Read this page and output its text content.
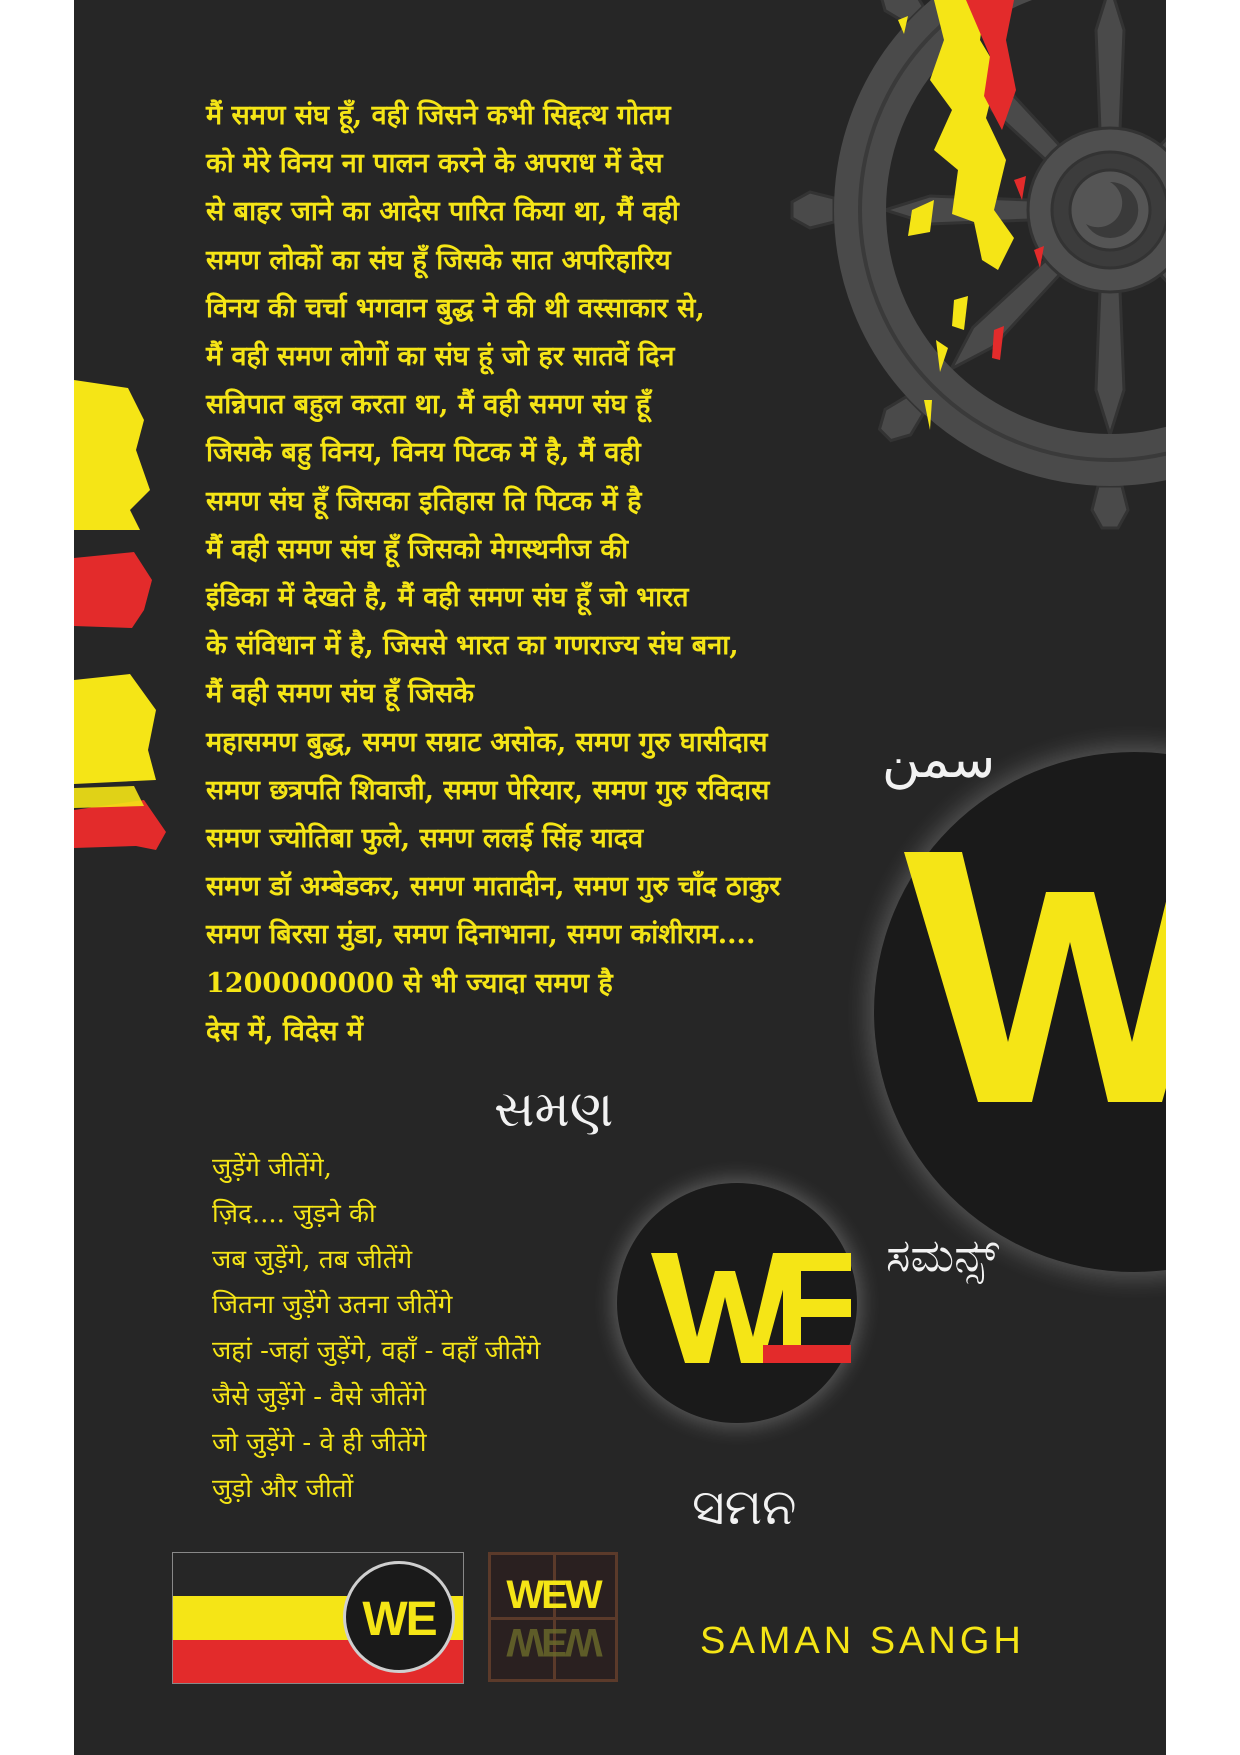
मैं समण संघ हूँ, वही जिसने कभी सिद्दत्थ गोतम
को मेरे विनय ना पालन करने के अपराध में देस
से बाहर जाने का आदेस पारित किया था, मैं वही
समण लोकों का संघ हूँ जिसके सात अपरिहारिय
विनय की चर्चा भगवान बुद्ध ने की थी वस्साकार से,
मैं वही समण लोगों का संघ हूं जो हर सातवें दिन
सन्निपात बहुल करता था, मैं वही समण संघ हूँ
जिसके बहु विनय, विनय पिटक में है, मैं वही
समण संघ हूँ जिसका इतिहास ति पिटक में है
मैं वही समण संघ हूँ जिसको मेगस्थनीज की
इंडिका में देखते है, मैं वही समण संघ हूँ जो भारत
के संविधान में है, जिससे भारत का गणराज्य संघ बना,
मैं वही समण संघ हूँ जिसके
महासमण बुद्ध, समण सम्राट असोक, समण गुरु घासीदास
समण छत्रपति शिवाजी, समण पेरियार, समण गुरु रविदास
समण ज्योतिबा फुले, समण ललई सिंह यादव
समण डॉ अम्बेडकर, समण मातादीन, समण गुरु चाँद ठाकुर
समण बिरसा मुंडा, समण दिनाभाना, समण कांशीराम....
1200000000 से भी ज्यादा समण है
देस में, विदेस में
سمن
સમણ
जुड़ेंगे जीतेंगे,
ज़िद.... जुड़ने की
जब जुड़ेंगे, तब जीतेंगे
जितना जुड़ेंगे उतना जीतेंगे
जहां -जहां जुड़ेंगे, वहाँ - वहाँ जीतेंगे
जैसे जुड़ेंगे - वैसे जीतेंगे
जो जुड़ेंगे - वे ही जीतेंगे
जुड़ो और जीतों
ಸಮನ್ಸ್
ସମନ
WE	WEW
WEW	SAMAN SANGH
